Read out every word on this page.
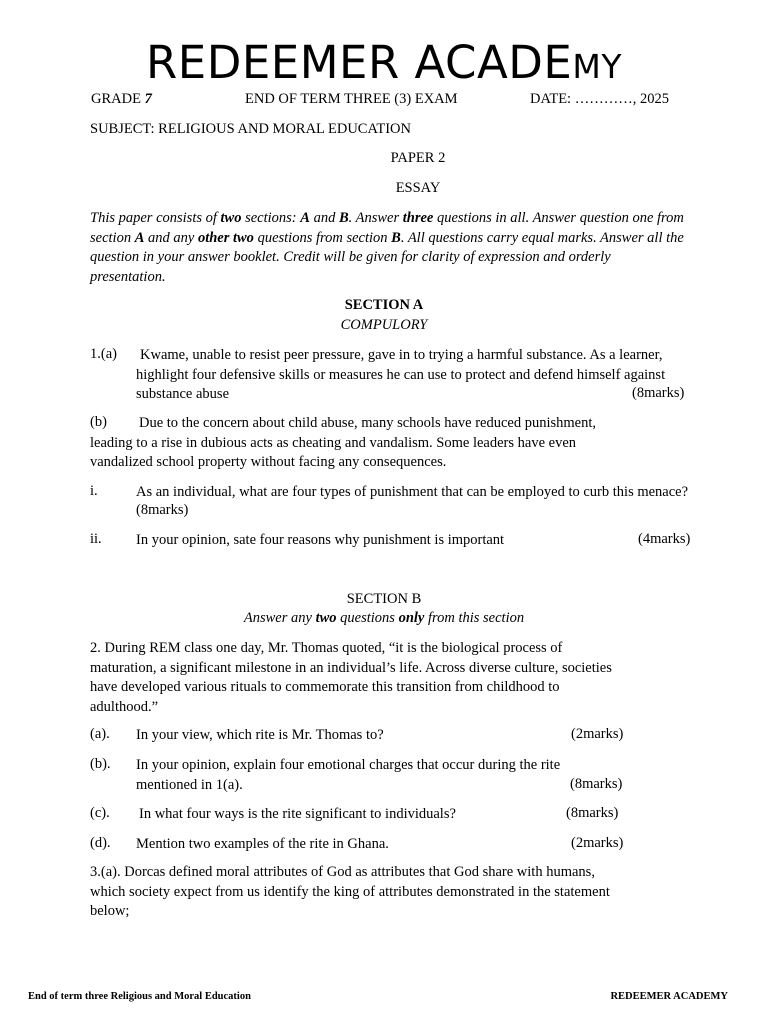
REDEEMER ACADEMY
GRADE 7	END OF TERM THREE (3) EXAM	DATE: …………, 2025
SUBJECT: RELIGIOUS AND MORAL EDUCATION
PAPER 2
ESSAY

This paper consists of two sections: A and B. Answer three questions in all. Answer question one from section A and any other two questions from section B. All questions carry equal marks. Answer all the question in your answer booklet. Credit will be given for clarity of expression and orderly presentation.

SECTION A
COMPULORY
1.(a) Kwame, unable to resist peer pressure, gave in to trying a harmful substance. As a learner, highlight four defensive skills or measures he can use to protect and defend himself against substance abuse	(8marks)
(b)	Due to the concern about child abuse, many schools have reduced punishment, leading to a rise in dubious acts as cheating and vandalism. Some leaders have even vandalized school property without facing any consequences.

i.	As an individual, what are four types of punishment that can be employed to curb this menace?

(8marks)
ii. In your opinion, sate four reasons why punishment is important	(4marks)
SECTION B
Answer any two questions only from this section

2. During REM class one day, Mr. Thomas quoted, “it is the biological process of maturation, a significant milestone in an individual’s life. Across diverse culture, societies have developed various rituals to commemorate this transition from childhood to adulthood.”

(a). In your view, which rite is Mr. Thomas to?	(2marks)
(b). In your opinion, explain four emotional charges that occur during the rite mentioned in 1(a).	(8marks)
(c). In what four ways is the rite significant to individuals?	(8marks)
(d). Mention two examples of the rite in Ghana.	(2marks)

3.(a). Dorcas defined moral attributes of God as attributes that God share with humans, which society expect from us identify the king of attributes demonstrated in the statement below;

End of term three Religious and Moral Education	REDEEMER ACADEMY
